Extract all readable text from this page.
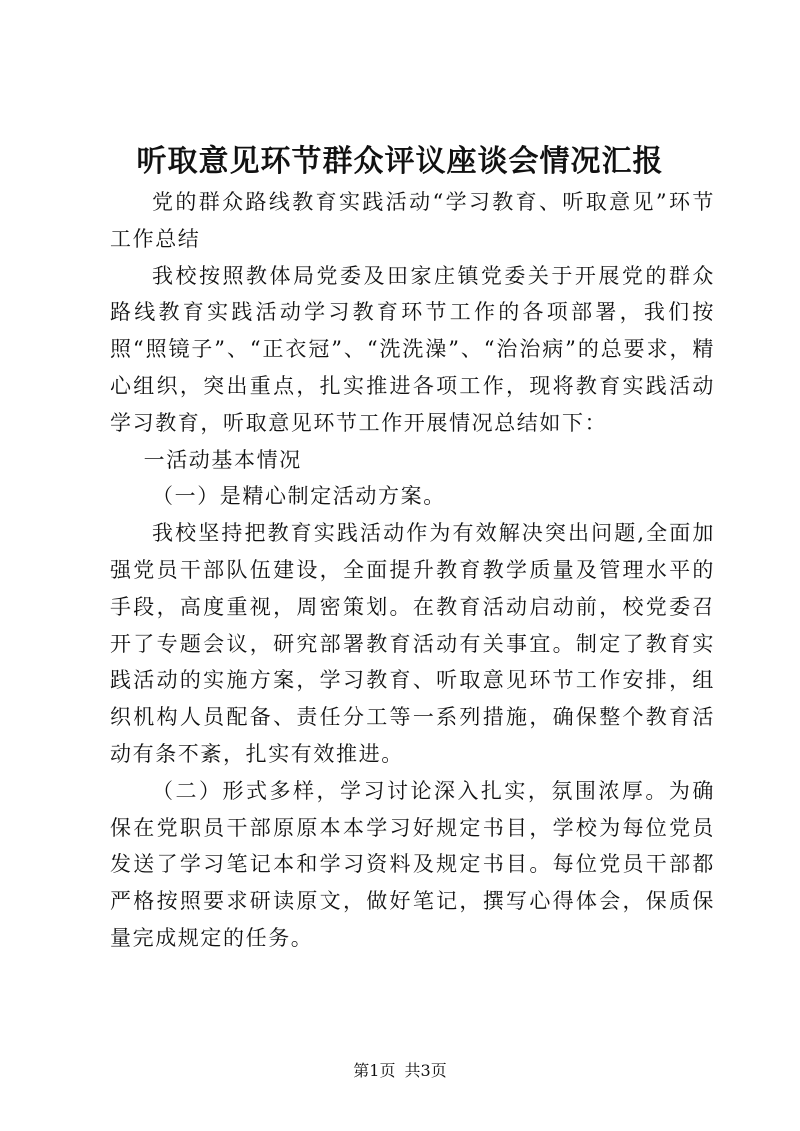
听取意见环节群众评议座谈会情况汇报

党的群众路线教育实践活动“学习教育、听取意见”环节工作总结

我校按照教体局党委及田家庄镇党委关于开展党的群众路线教育实践活动学习教育环节工作的各项部署，我们按照“照镜子”、“正衣冠”、“洗洗澡”、“治治病”的总要求，精心组织，突出重点，扎实推进各项工作，现将教育实践活动学习教育，听取意见环节工作开展情况总结如下：

一活动基本情况

（一）是精心制定活动方案。

我校坚持把教育实践活动作为有效解决突出问题,全面加强党员干部队伍建设，全面提升教育教学质量及管理水平的手段，高度重视，周密策划。在教育活动启动前，校党委召开了专题会议，研究部署教育活动有关事宜。制定了教育实践活动的实施方案，学习教育、听取意见环节工作安排，组织机构人员配备、责任分工等一系列措施，确保整个教育活动有条不紊，扎实有效推进。

（二）形式多样，学习讨论深入扎实，氛围浓厚。为确保在党职员干部原原本本学习好规定书目，学校为每位党员发送了学习笔记本和学习资料及规定书目。每位党员干部都严格按照要求研读原文，做好笔记，撰写心得体会，保质保量完成规定的任务。

第1页 共3页
